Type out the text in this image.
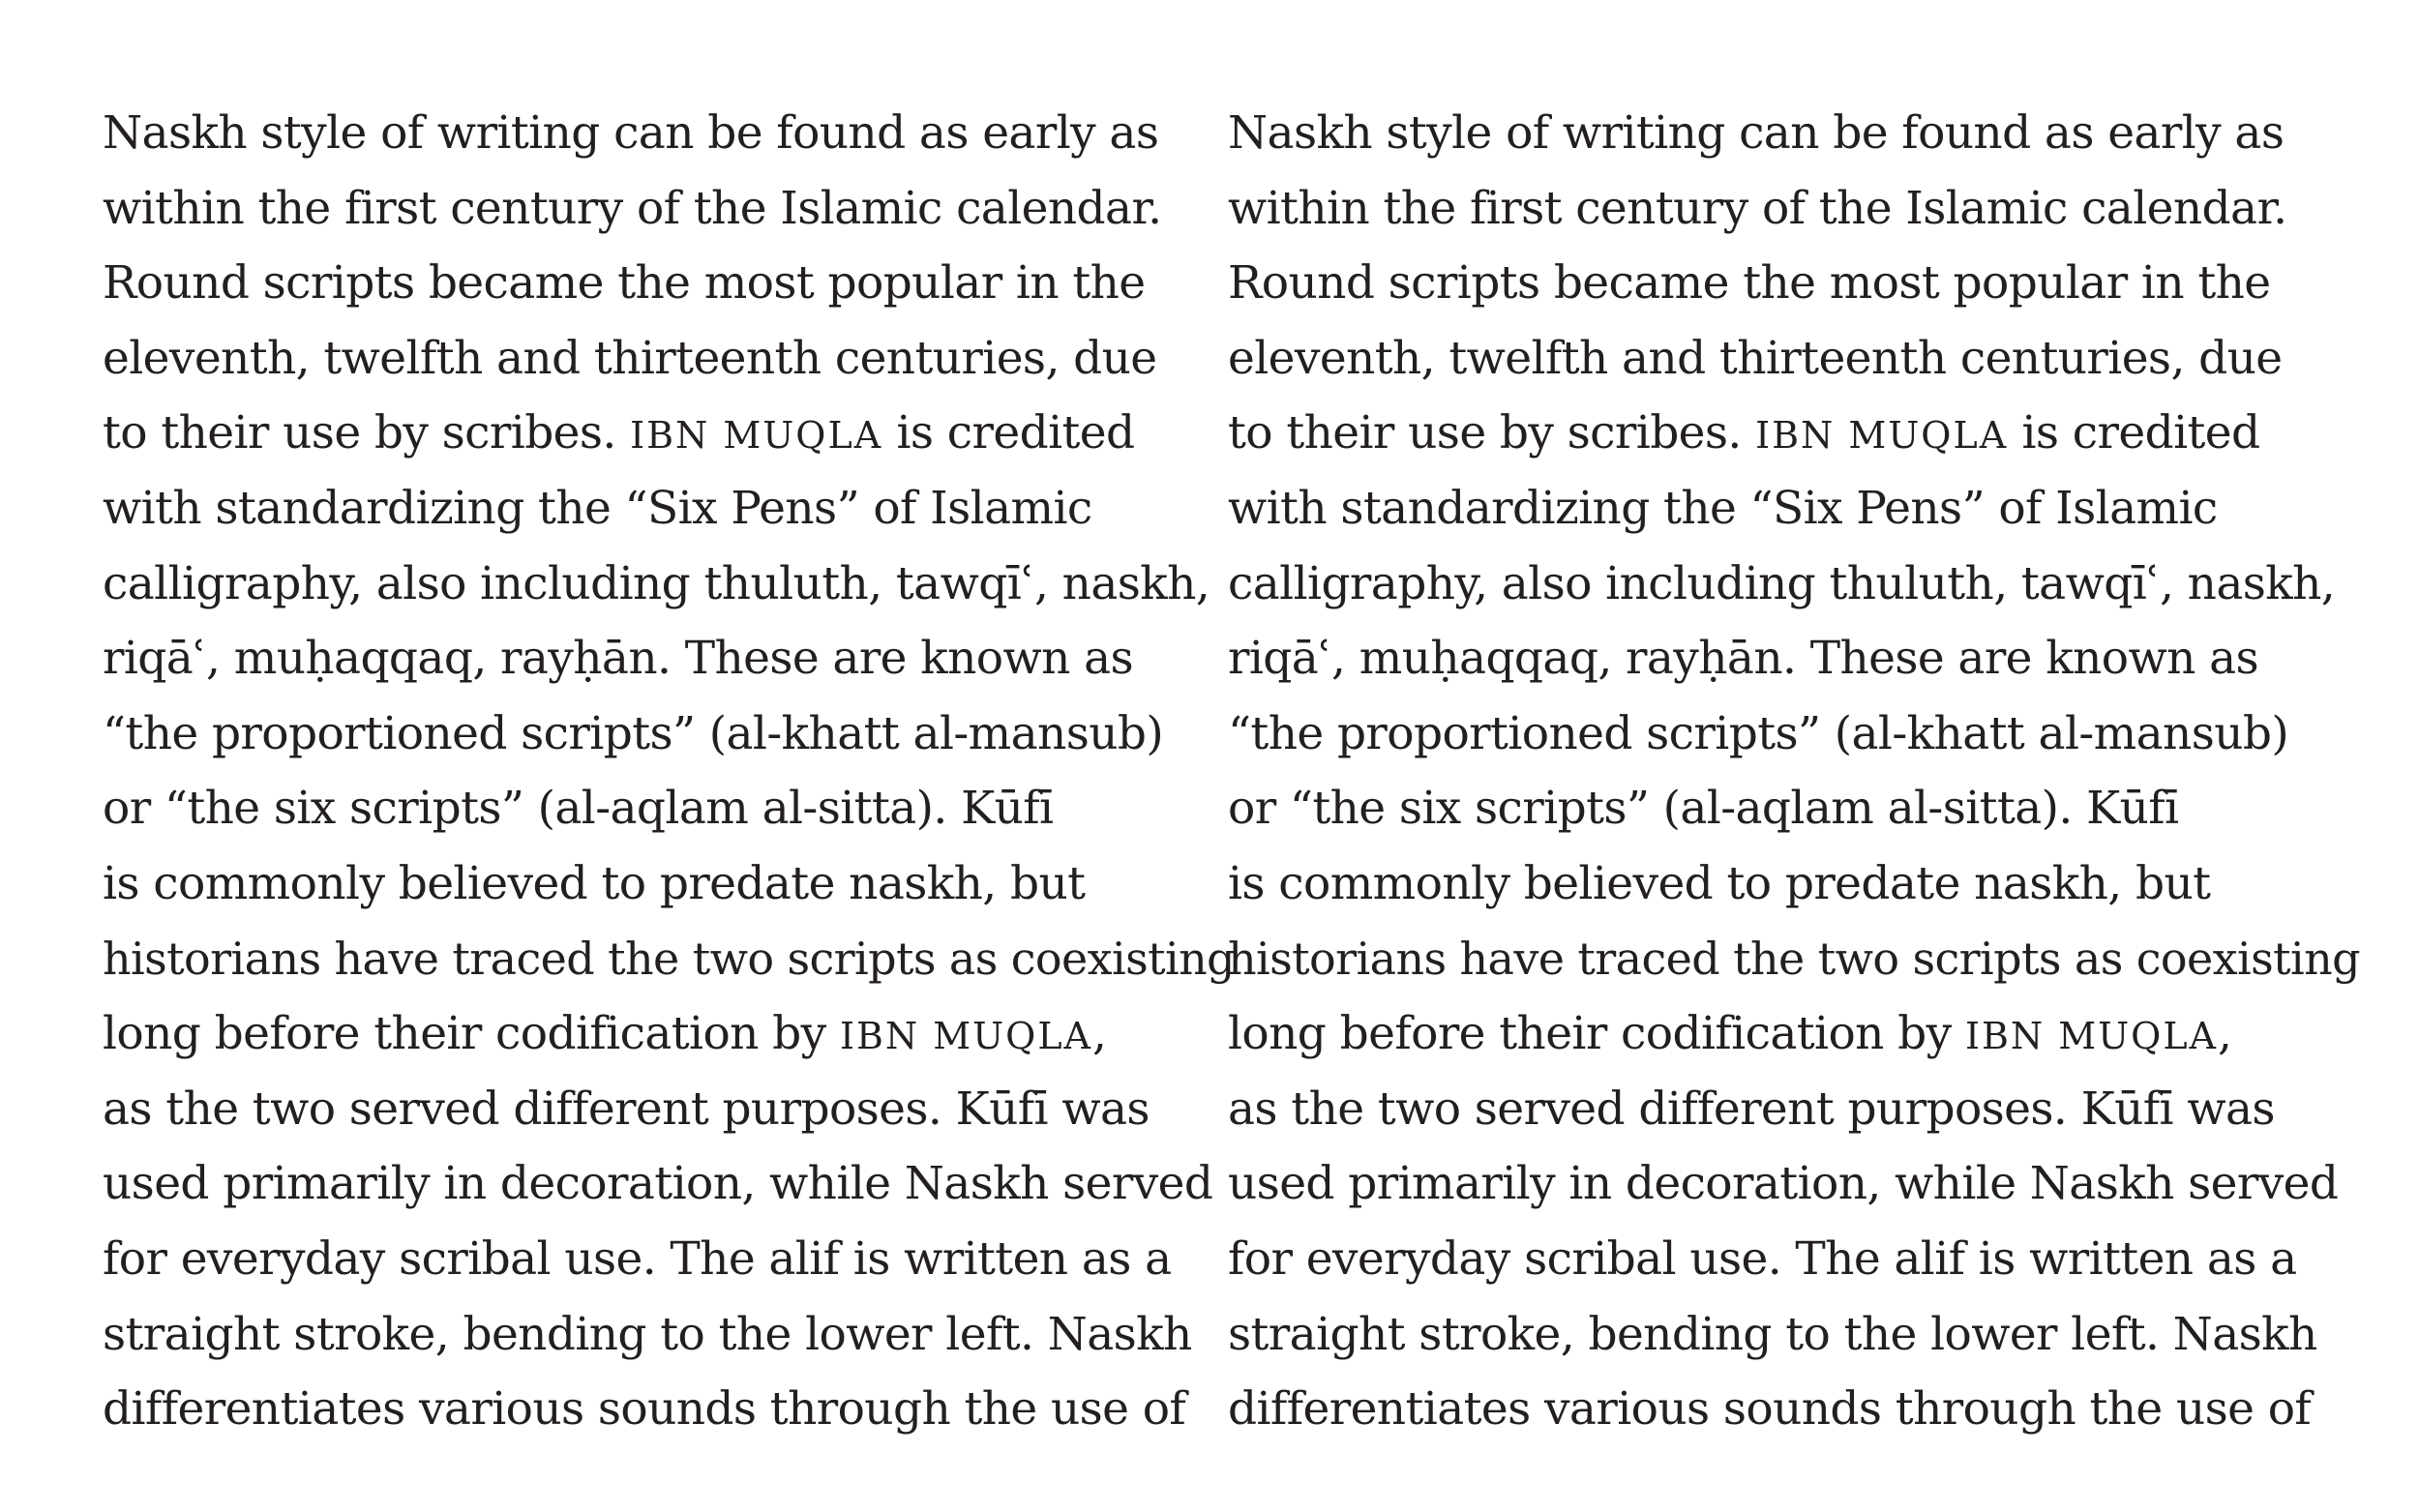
Naskh style of writing can be found as early as
within the first century of the Islamic calendar.
Round scripts became the most popular in the
eleventh, twelfth and thirteenth centuries, due
to their use by scribes. IBN MUQLA is credited
with standardizing the “Six Pens” of Islamic
calligraphy, also including thuluth, tawqīʿ, naskh,
riqāʿ, muḥaqqaq, rayḥān. These are known as
“the proportioned scripts” (al-khatt al-mansub)
or “the six scripts” (al-aqlam al-sitta). Kūfī
is commonly believed to predate naskh, but
historians have traced the two scripts as coexisting
long before their codification by IBN MUQLA,
as the two served different purposes. Kūfī was
used primarily in decoration, while Naskh served
for everyday scribal use. The alif is written as a
straight stroke, bending to the lower left. Naskh
differentiates various sounds through the use of
Naskh style of writing can be found as early as
within the first century of the Islamic calendar.
Round scripts became the most popular in the
eleventh, twelfth and thirteenth centuries, due
to their use by scribes. IBN MUQLA is credited
with standardizing the “Six Pens” of Islamic
calligraphy, also including thuluth, tawqīʿ, naskh,
riqāʿ, muḥaqqaq, rayḥān. These are known as
“the proportioned scripts” (al-khatt al-mansub)
or “the six scripts” (al-aqlam al-sitta). Kūfī
is commonly believed to predate naskh, but
historians have traced the two scripts as coexisting
long before their codification by IBN MUQLA,
as the two served different purposes. Kūfī was
used primarily in decoration, while Naskh served
for everyday scribal use. The alif is written as a
straight stroke, bending to the lower left. Naskh
differentiates various sounds through the use of
